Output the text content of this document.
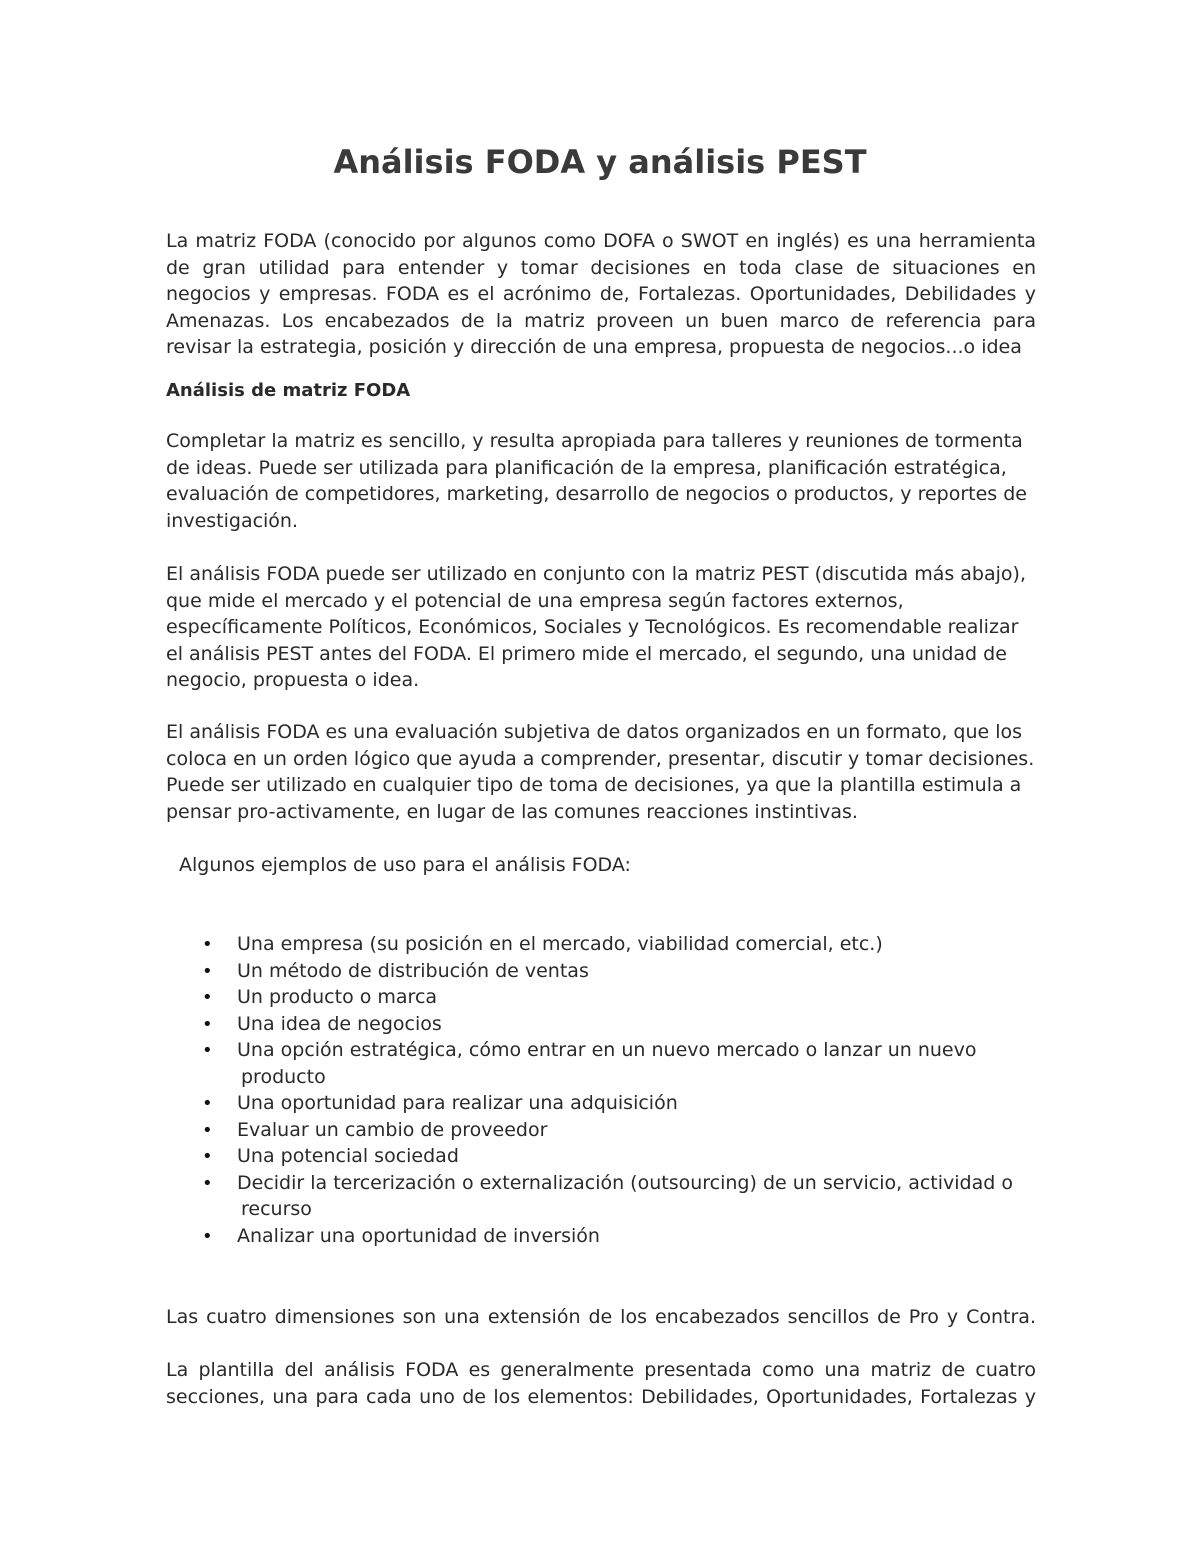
Análisis FODA y análisis PEST

La matriz FODA (conocido por algunos como DOFA o SWOT en inglés) es una herramienta de gran utilidad para entender y tomar decisiones en toda clase de situaciones en negocios y empresas. FODA es el acrónimo de, Fortalezas. Oportunidades, Debilidades y Amenazas. Los encabezados de la matriz proveen un buen marco de referencia para revisar la estrategia, posición y dirección de una empresa, propuesta de negocios...o idea

Análisis de matriz FODA

Completar la matriz es sencillo, y resulta apropiada para talleres y reuniones de tormenta de ideas. Puede ser utilizada para planificación de la empresa, planificación estratégica, evaluación de competidores, marketing, desarrollo de negocios o productos, y reportes de investigación.

El análisis FODA puede ser utilizado en conjunto con la matriz PEST (discutida más abajo), que mide el mercado y el potencial de una empresa según factores externos, específicamente Políticos, Económicos, Sociales y Tecnológicos. Es recomendable realizar el análisis PEST antes del FODA. El primero mide el mercado, el segundo, una unidad de negocio, propuesta o idea.

El análisis FODA es una evaluación subjetiva de datos organizados en un formato, que los coloca en un orden lógico que ayuda a comprender, presentar, discutir y tomar decisiones. Puede ser utilizado en cualquier tipo de toma de decisiones, ya que la plantilla estimula a pensar pro-activamente, en lugar de las comunes reacciones instintivas.

Algunos ejemplos de uso para el análisis FODA:

• Una empresa (su posición en el mercado, viabilidad comercial, etc.)
• Un método de distribución de ventas
• Un producto o marca
• Una idea de negocios
• Una opción estratégica, cómo entrar en un nuevo mercado o lanzar un nuevo
producto
• Una oportunidad para realizar una adquisición
• Evaluar un cambio de proveedor
• Una potencial sociedad
• Decidir la tercerización o externalización (outsourcing) de un servicio, actividad o
recurso
• Analizar una oportunidad de inversión

Las cuatro dimensiones son una extensión de los encabezados sencillos de Pro y Contra.

La plantilla del análisis FODA es generalmente presentada como una matriz de cuatro

secciones, una para cada uno de los elementos: Debilidades, Oportunidades, Fortalezas y
